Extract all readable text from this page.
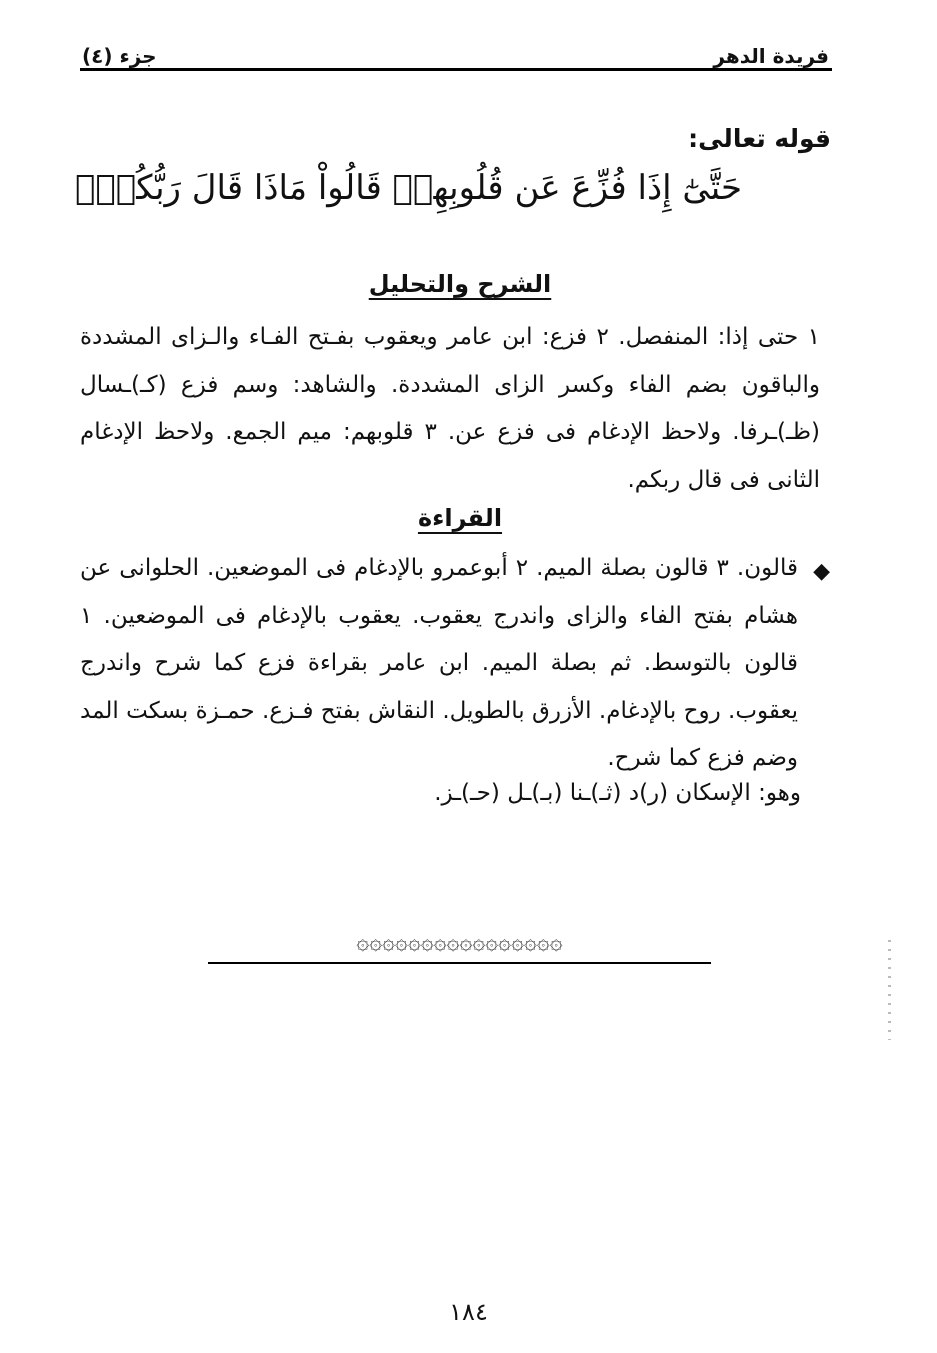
فريدة الدهر
جزء (٤)
قوله تعالى:
حَتَّىٰٓ إِذَا فُزِّعَ عَن قُلُوبِهِمۡ قَالُواْ مَاذَا قَالَ رَبُّكُمۡۖ
الشرح والتحليل
١ حتى إذا: المنفصل. ٢ فزع: ابن عامر ويعقوب بفـتح الفـاء والـزاى المشددة والباقون بضم الفاء وكسر الزاى المشددة. والشاهد: وسم فزع (كـ)ـسال (ظـ)ـرفا. ولاحظ الإدغام فى فزع عن. ٣ قلوبهم: ميم الجمع. ولاحظ الإدغام الثانى فى قال ربكم.
القراءة
◆
قالون. ٣ قالون بصلة الميم. ٢ أبوعمرو بالإدغام فى الموضعين. الحلوانى عن هشام بفتح الفاء والزاى واندرج يعقوب. يعقوب بالإدغام فى الموضعين. ١ قالون بالتوسط. ثم بصلة الميم. ابن عامر بقراءة فزع كما شرح واندرج يعقوب. روح بالإدغام. الأزرق بالطويل. النقاش بفتح فـزع. حمـزة بسكت المد وضم فزع كما شرح.
وهو: الإسكان (ر)د (ثـ)ـنا (بـ)ـل (حـ)ـز.
۞۞۞۞۞۞۞۞۞۞۞۞۞۞۞۞
١٨٤
